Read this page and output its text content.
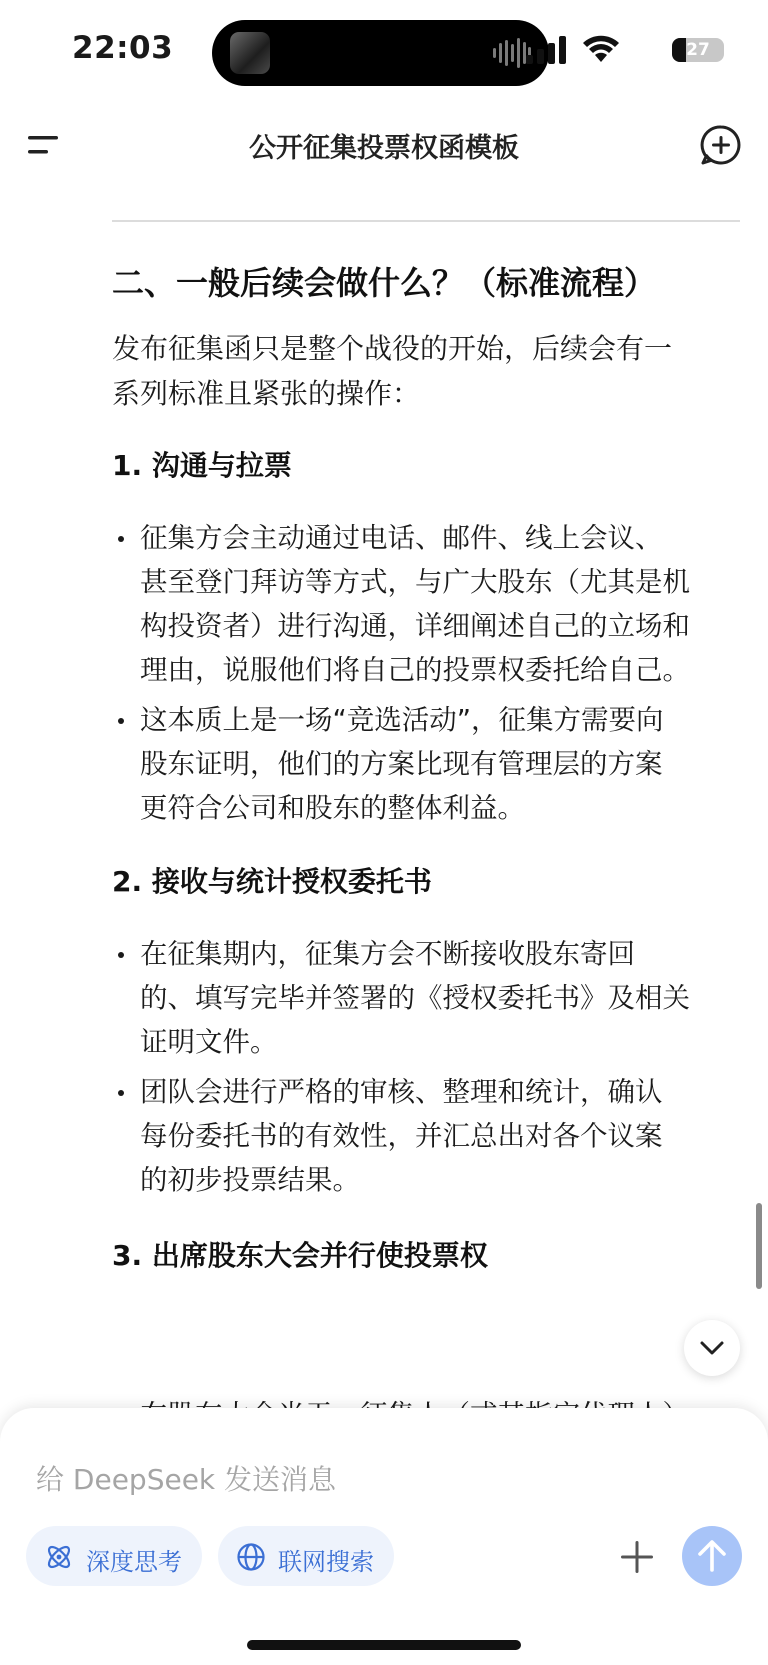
22:03	27
公开征集投票权函模板
二、一般后续会做什么？（标准流程）
发布征集函只是整个战役的开始，后续会有一
系列标准且紧张的操作：
1. 沟通与拉票
征集方会主动通过电话、邮件、线上会议、
甚至登门拜访等方式，与广大股东（尤其是机
构投资者）进行沟通，详细阐述自己的立场和
理由，说服他们将自己的投票权委托给自己。
这本质上是一场“竞选活动”，征集方需要向
股东证明，他们的方案比现有管理层的方案
更符合公司和股东的整体利益。
2. 接收与统计授权委托书
在征集期内，征集方会不断接收股东寄回
的、填写完毕并签署的《授权委托书》及相关
证明文件。
团队会进行严格的审核、整理和统计，确认
每份委托书的有效性，并汇总出对各个议案
的初步投票结果。
3. 出席股东大会并行使投票权
给 DeepSeek 发送消息
深度思考	联网搜索
